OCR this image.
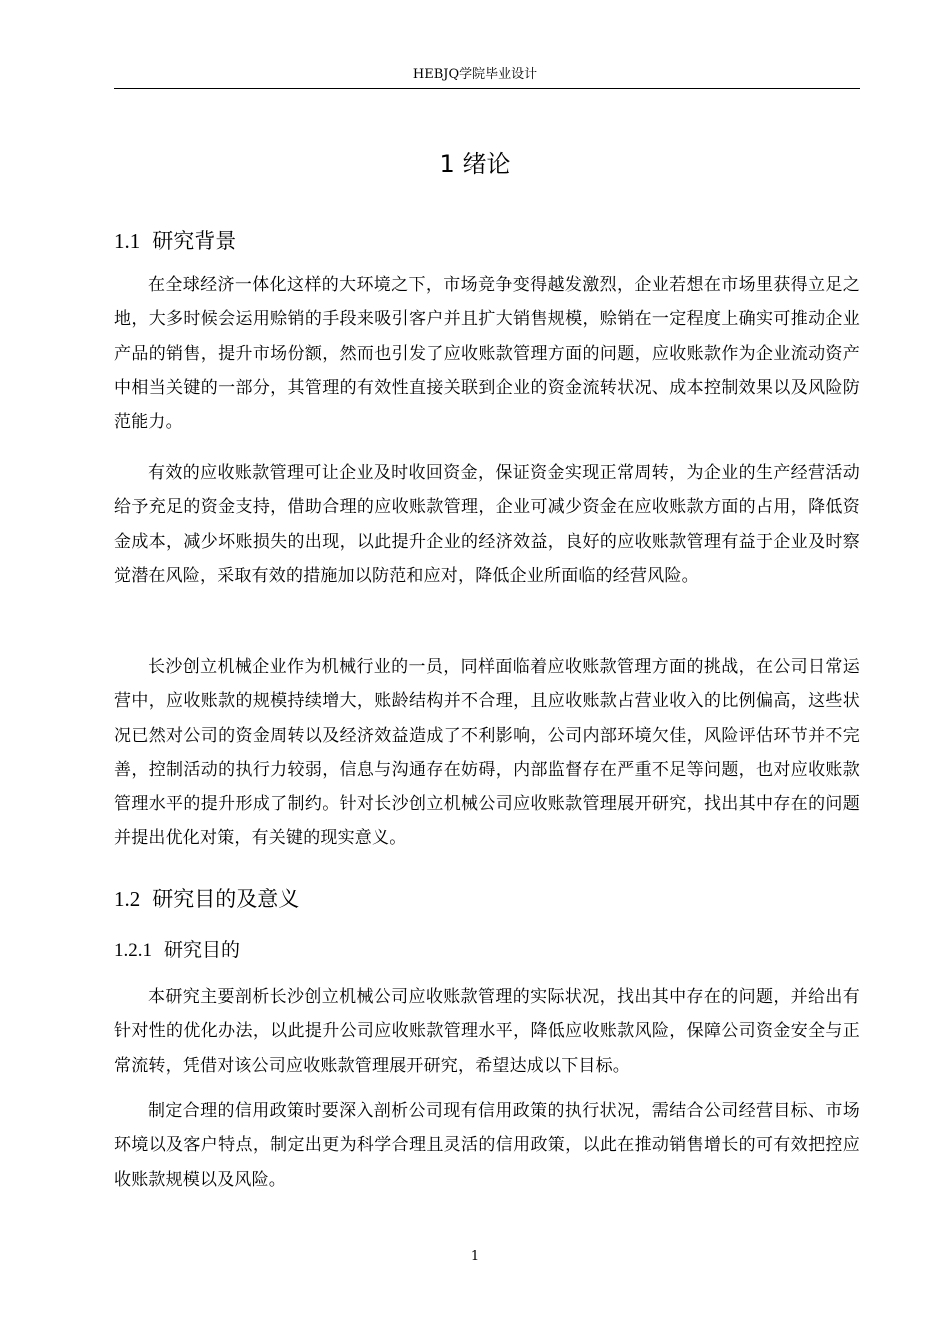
HEBJQ学院毕业设计
1 绪论
1.1 研究背景

在全球经济一体化这样的大环境之下，市场竞争变得越发激烈，企业若想在市场里获得立足之地，大多时候会运用赊销的手段来吸引客户并且扩大销售规模，赊销在一定程度上确实可推动企业产品的销售，提升市场份额，然而也引发了应收账款管理方面的问题，应收账款作为企业流动资产中相当关键的一部分，其管理的有效性直接关联到企业的资金流转状况、成本控制效果以及风险防范能力。

有效的应收账款管理可让企业及时收回资金，保证资金实现正常周转，为企业的生产经营活动给予充足的资金支持，借助合理的应收账款管理，企业可减少资金在应收账款方面的占用，降低资金成本，减少坏账损失的出现，以此提升企业的经济效益，良好的应收账款管理有益于企业及时察觉潜在风险，采取有效的措施加以防范和应对，降低企业所面临的经营风险。

长沙创立机械企业作为机械行业的一员，同样面临着应收账款管理方面的挑战，在公司日常运营中，应收账款的规模持续增大，账龄结构并不合理，且应收账款占营业收入的比例偏高，这些状况已然对公司的资金周转以及经济效益造成了不利影响，公司内部环境欠佳，风险评估环节并不完善，控制活动的执行力较弱，信息与沟通存在妨碍，内部监督存在严重不足等问题，也对应收账款管理水平的提升形成了制约。针对长沙创立机械公司应收账款管理展开研究，找出其中存在的问题并提出优化对策，有关键的现实意义。

1.2 研究目的及意义
1.2.1 研究目的

本研究主要剖析长沙创立机械公司应收账款管理的实际状况，找出其中存在的问题，并给出有针对性的优化办法，以此提升公司应收账款管理水平，降低应收账款风险，保障公司资金安全与正常流转，凭借对该公司应收账款管理展开研究，希望达成以下目标。

制定合理的信用政策时要深入剖析公司现有信用政策的执行状况，需结合公司经营目标、市场环境以及客户特点，制定出更为科学合理且灵活的信用政策，以此在推动销售增长的可有效把控应收账款规模以及风险。

1
